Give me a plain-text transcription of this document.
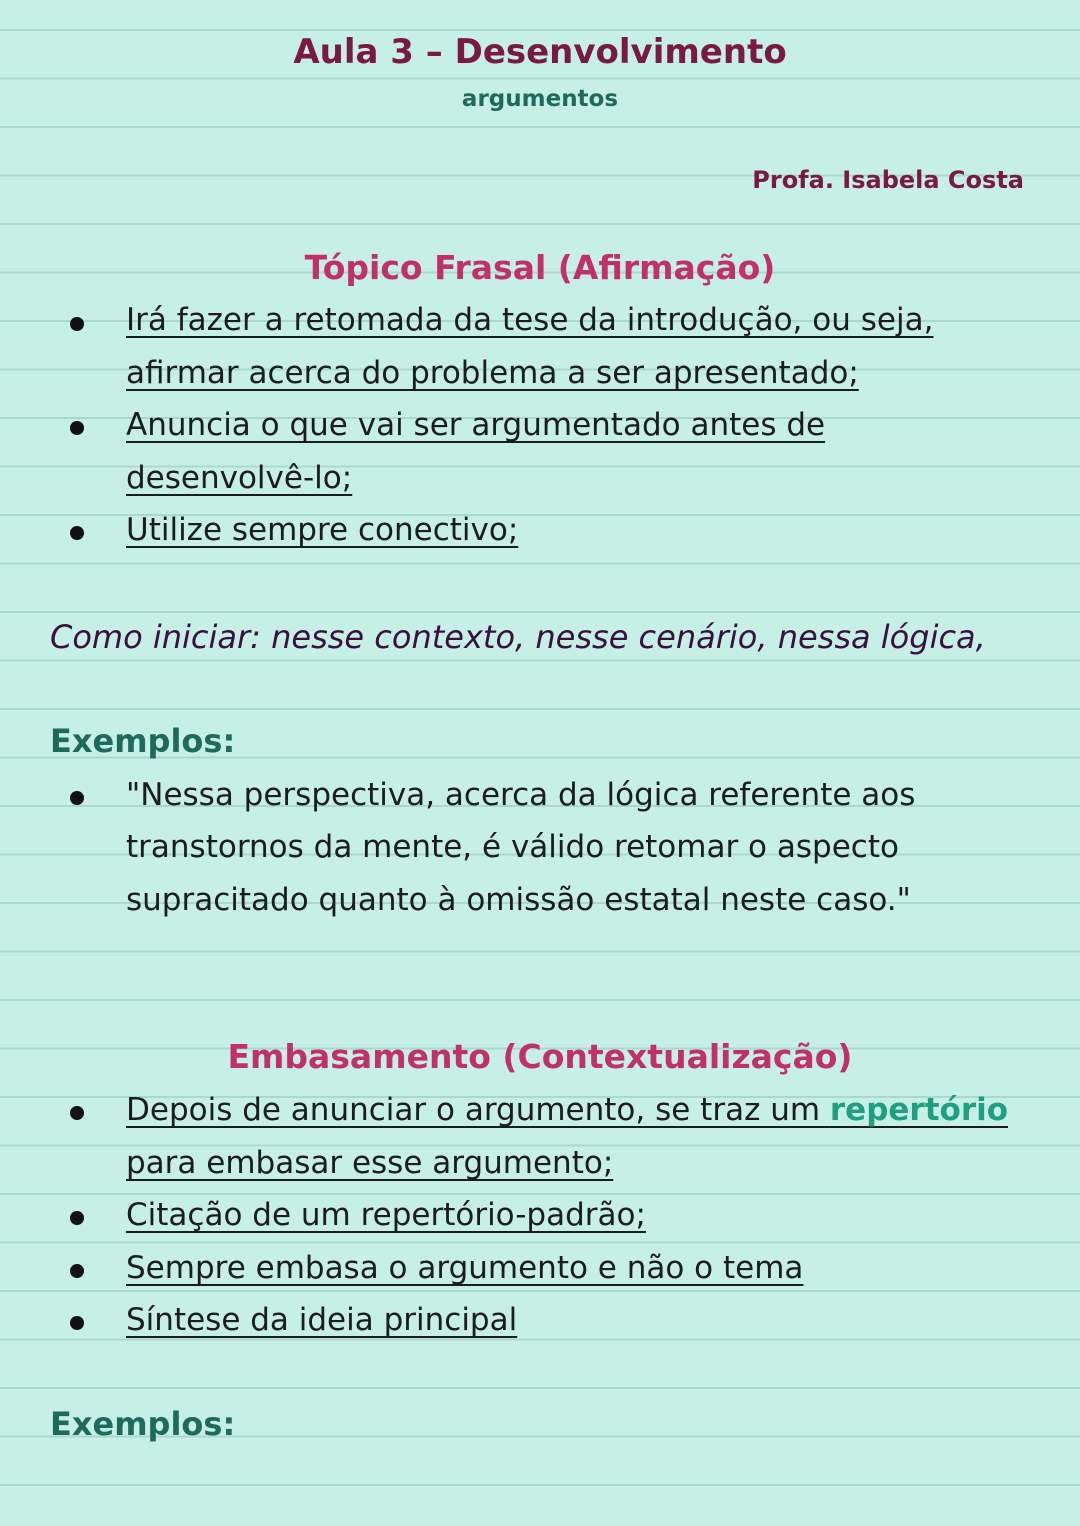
Aula 3 – Desenvolvimento
argumentos
Profa. Isabela Costa
Tópico Frasal (Afirmação)
Irá fazer a retomada da tese da introdução, ou seja,
afirmar acerca do problema a ser apresentado;
Anuncia o que vai ser argumentado antes de
desenvolvê-lo;
Utilize sempre conectivo;
Como iniciar: nesse contexto, nesse cenário, nessa lógica,
Exemplos:
"Nessa perspectiva, acerca da lógica referente aos
transtornos da mente, é válido retomar o aspecto
supracitado quanto à omissão estatal neste caso."
Embasamento (Contextualização)
Depois de anunciar o argumento, se traz um repertório
para embasar esse argumento;
Citação de um repertório-padrão;
Sempre embasa o argumento e não o tema
Síntese da ideia principal
Exemplos:
